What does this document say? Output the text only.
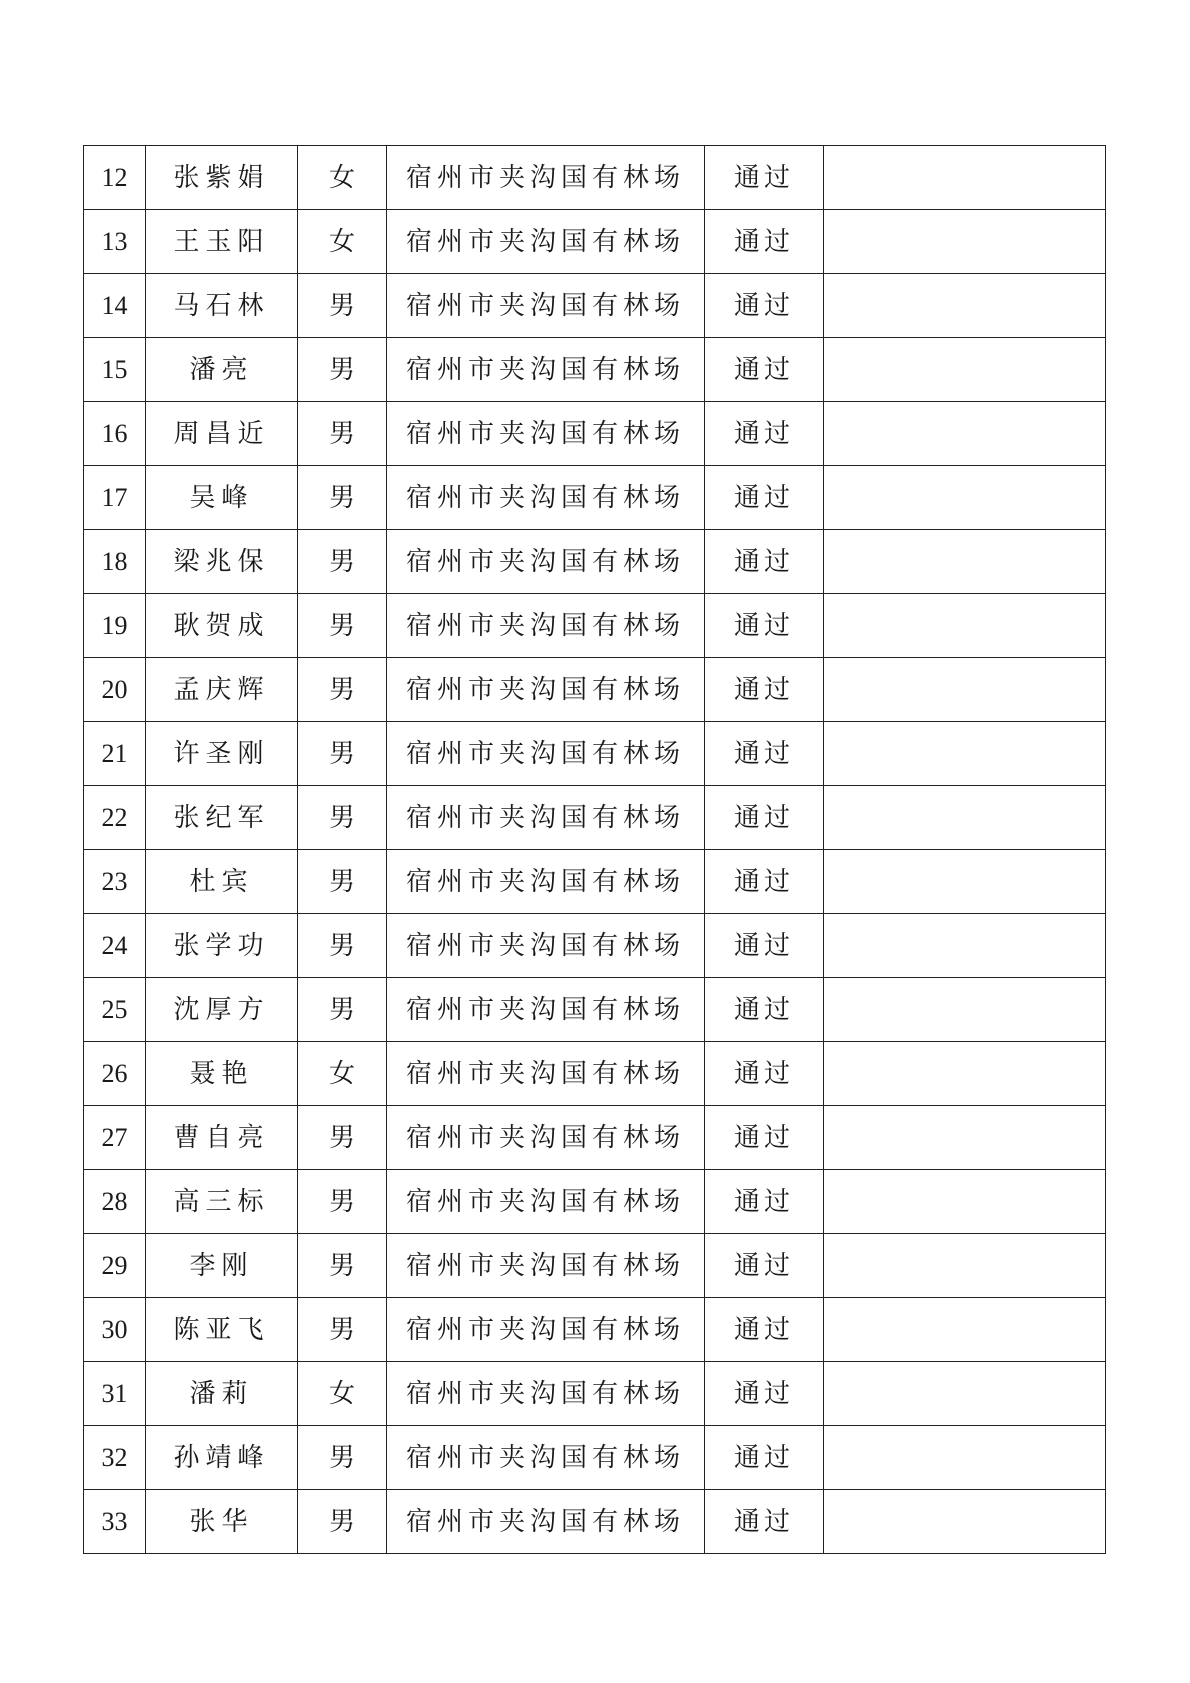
12	张紫娟	女	宿州市夹沟国有林场	通过	
13	王玉阳	女	宿州市夹沟国有林场	通过	
14	马石林	男	宿州市夹沟国有林场	通过	
15	潘亮	男	宿州市夹沟国有林场	通过	
16	周昌近	男	宿州市夹沟国有林场	通过	
17	吴峰	男	宿州市夹沟国有林场	通过	
18	梁兆保	男	宿州市夹沟国有林场	通过	
19	耿贺成	男	宿州市夹沟国有林场	通过	
20	孟庆辉	男	宿州市夹沟国有林场	通过	
21	许圣刚	男	宿州市夹沟国有林场	通过	
22	张纪军	男	宿州市夹沟国有林场	通过	
23	杜宾	男	宿州市夹沟国有林场	通过	
24	张学功	男	宿州市夹沟国有林场	通过	
25	沈厚方	男	宿州市夹沟国有林场	通过	
26	聂艳	女	宿州市夹沟国有林场	通过	
27	曹自亮	男	宿州市夹沟国有林场	通过	
28	高三标	男	宿州市夹沟国有林场	通过	
29	李刚	男	宿州市夹沟国有林场	通过	
30	陈亚飞	男	宿州市夹沟国有林场	通过	
31	潘莉	女	宿州市夹沟国有林场	通过	
32	孙靖峰	男	宿州市夹沟国有林场	通过	
33	张华	男	宿州市夹沟国有林场	通过	
